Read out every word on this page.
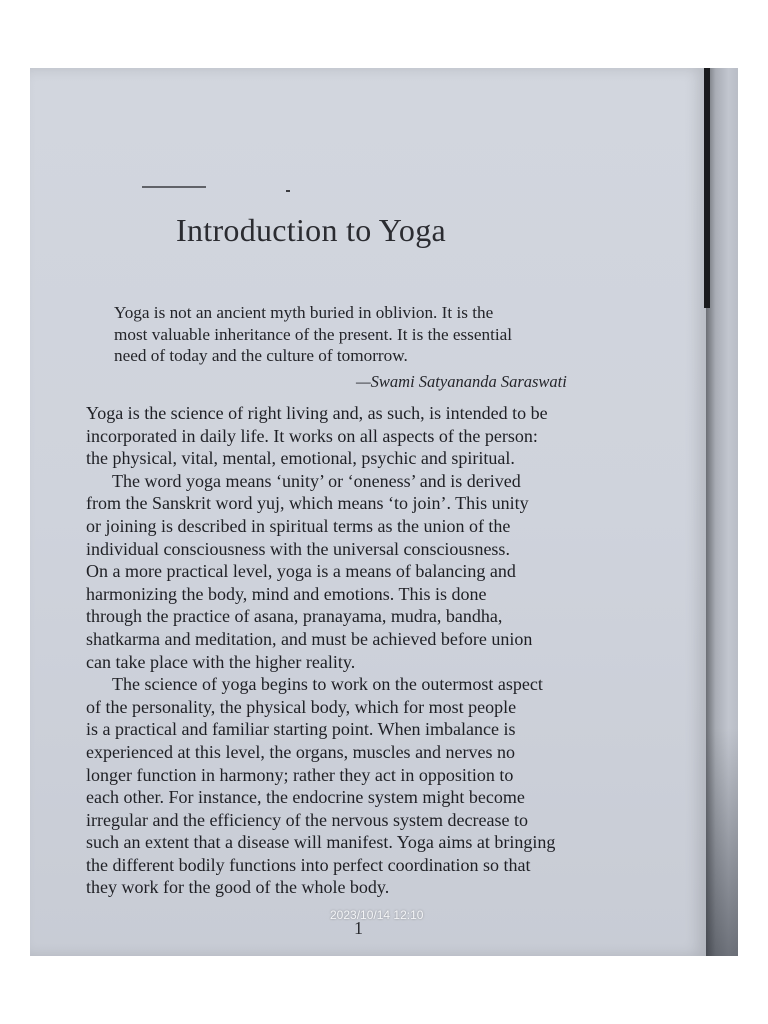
Introduction to Yoga
Yoga is not an ancient myth buried in oblivion. It is the
most valuable inheritance of the present. It is the essential
need of today and the culture of tomorrow.
—Swami Satyananda Saraswati
Yoga is the science of right living and, as such, is intended to be
incorporated in daily life. It works on all aspects of the person:
the physical, vital, mental, emotional, psychic and spiritual.
The word yoga means ‘unity’ or ‘oneness’ and is derived
from the Sanskrit word yuj, which means ‘to join’. This unity
or joining is described in spiritual terms as the union of the
individual consciousness with the universal consciousness.
On a more practical level, yoga is a means of balancing and
harmonizing the body, mind and emotions. This is done
through the practice of asana, pranayama, mudra, bandha,
shatkarma and meditation, and must be achieved before union
can take place with the higher reality.
The science of yoga begins to work on the outermost aspect
of the personality, the physical body, which for most people
is a practical and familiar starting point. When imbalance is
experienced at this level, the organs, muscles and nerves no
longer function in harmony; rather they act in opposition to
each other. For instance, the endocrine system might become
irregular and the efficiency of the nervous system decrease to
such an extent that a disease will manifest. Yoga aims at bringing
the different bodily functions into perfect coordination so that
they work for the good of the whole body.
1
2023/10/14 12:10
